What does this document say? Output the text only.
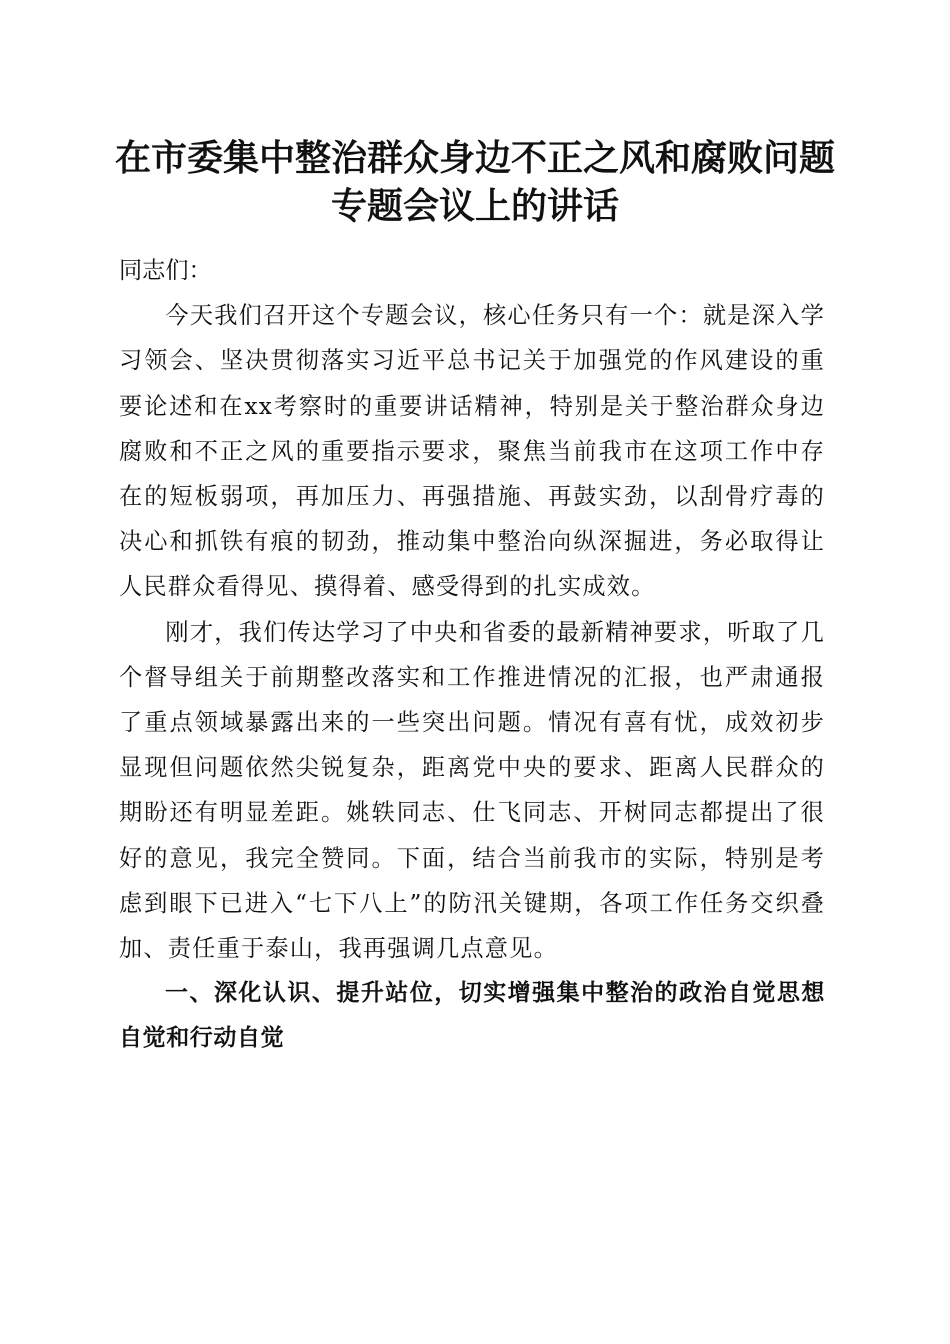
在市委集中整治群众身边不正之风和腐败问题
专题会议上的讲话

同志们：

今天我们召开这个专题会议，核心任务只有一个：就是深入学习领会、坚决贯彻落实习近平总书记关于加强党的作风建设的重要论述和在xx考察时的重要讲话精神，特别是关于整治群众身边腐败和不正之风的重要指示要求，聚焦当前我市在这项工作中存在的短板弱项，再加压力、再强措施、再鼓实劲，以刮骨疗毒的决心和抓铁有痕的韧劲，推动集中整治向纵深掘进，务必取得让人民群众看得见、摸得着、感受得到的扎实成效。

刚才，我们传达学习了中央和省委的最新精神要求，听取了几个督导组关于前期整改落实和工作推进情况的汇报，也严肃通报了重点领域暴露出来的一些突出问题。情况有喜有忧，成效初步显现但问题依然尖锐复杂，距离党中央的要求、距离人民群众的期盼还有明显差距。姚轶同志、仕飞同志、开树同志都提出了很好的意见，我完全赞同。下面，结合当前我市的实际，特别是考虑到眼下已进入“七下八上”的防汛关键期，各项工作任务交织叠加、责任重于泰山，我再强调几点意见。

一、深化认识、提升站位，切实增强集中整治的政治自觉思想自觉和行动自觉
